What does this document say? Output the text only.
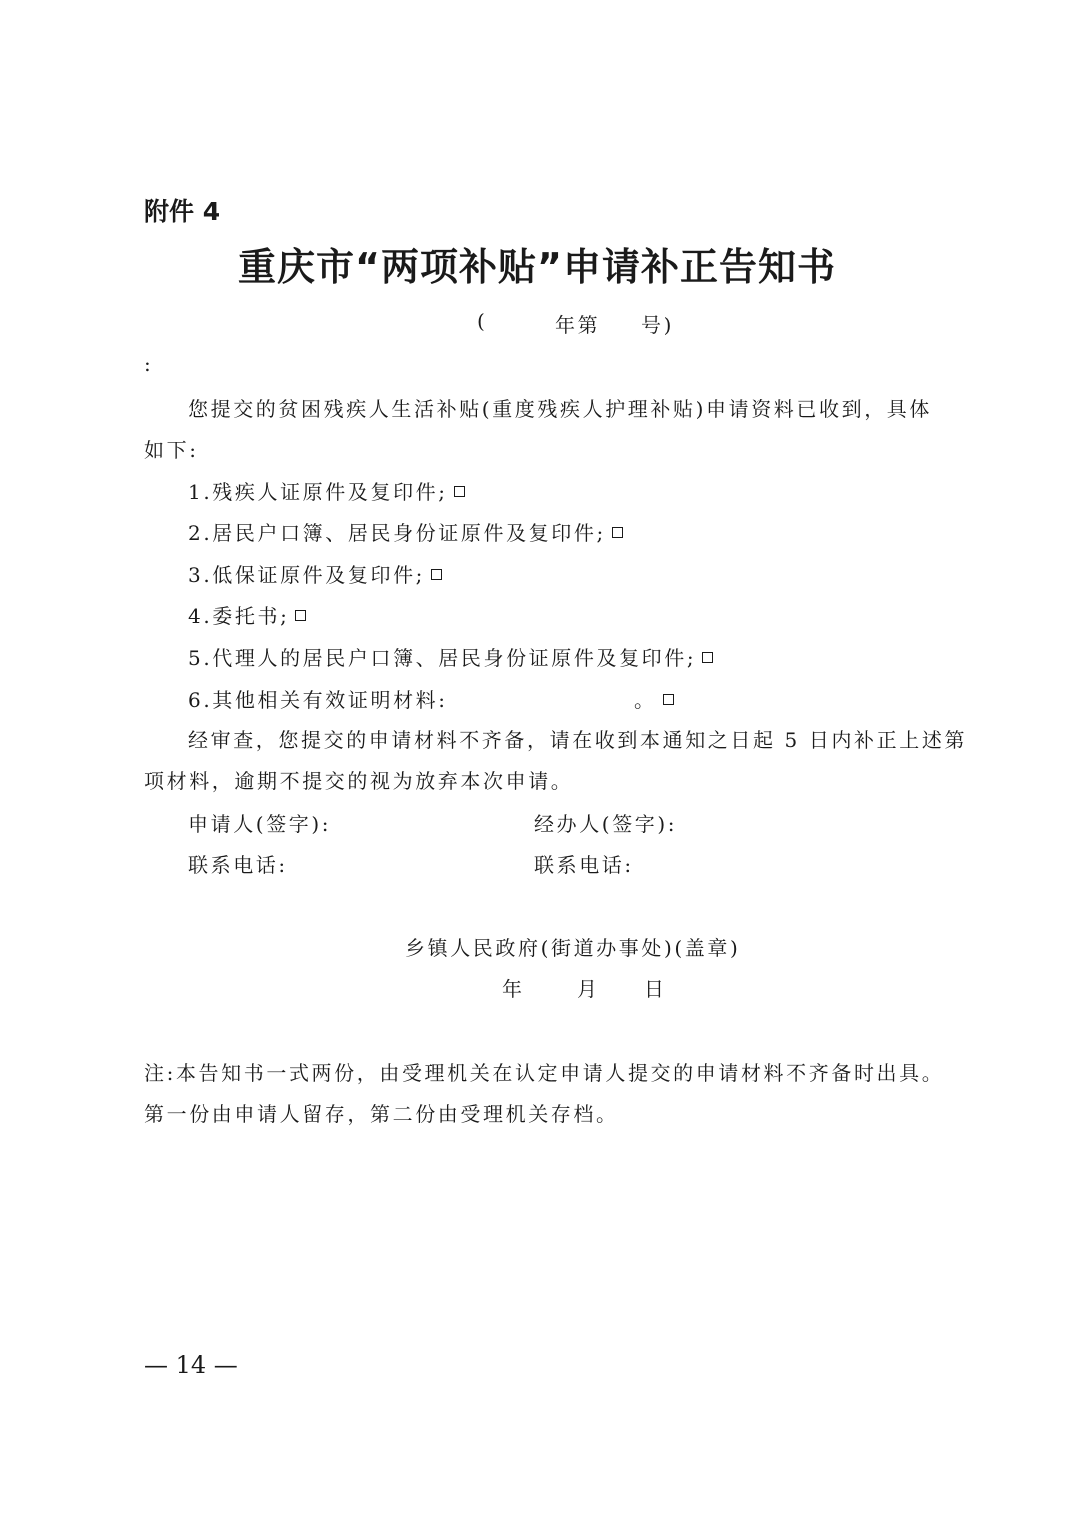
附件 4
重庆市“两项补贴”申请补正告知书
(	年第 号)
:
您提交的贫困残疾人生活补贴(重度残疾人护理补贴)申请资料已收到，具体
如下:
1.残疾人证原件及复印件;
2.居民户口簿、居民身份证原件及复印件;
3.低保证原件及复印件;
4.委托书;
5.代理人的居民户口簿、居民身份证原件及复印件;
6.其他相关有效证明材料:	。
经审查，您提交的申请材料不齐备，请在收到本通知之日起 5 日内补正上述第
项材料，逾期不提交的视为放弃本次申请。
申请人(签字):	经办人(签字):
联系电话:	联系电话:
乡镇人民政府(街道办事处)(盖章)
年	月 日
注:本告知书一式两份，由受理机关在认定申请人提交的申请材料不齐备时出具。
第一份由申请人留存，第二份由受理机关存档。
— 14 —
